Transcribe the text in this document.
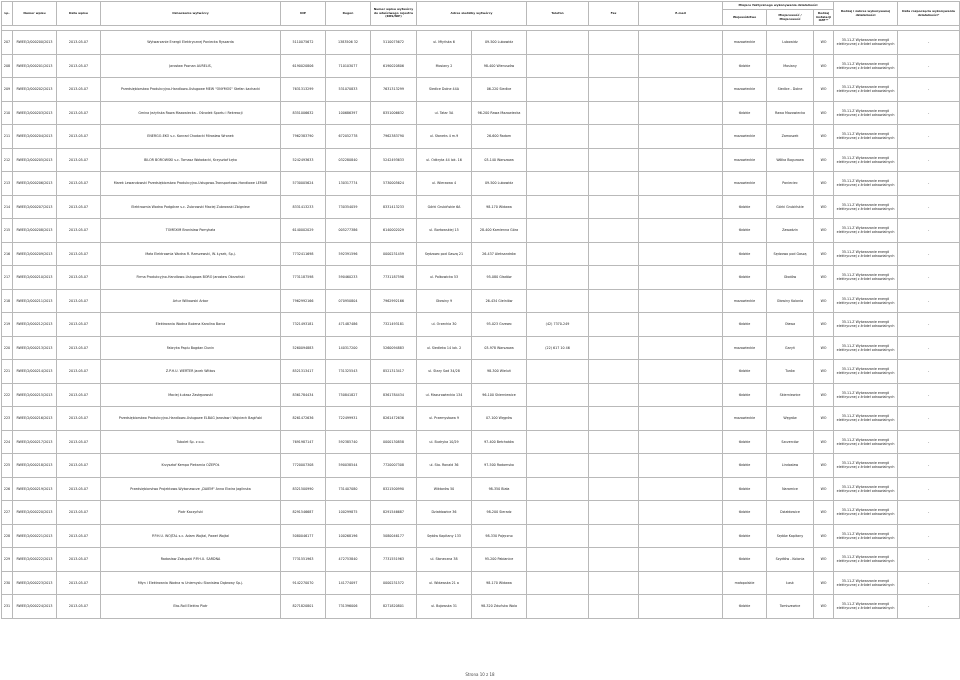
Lp.	Numer wpisu	Data wpisu	Oznaczenie wytwórcy	NIP	Regon	Numer wpisu wytwórcy do właściwego rejestru (KRS/NIP)	Adres siedziby wytwórcy		Telefon	Fax	E-mail	Miejsce faktycznego wykonywania działalności			Rodzaj i zakres wykonywanej działalności	Data rozpoczęcia wykonywania działalności*
												Województwo	Miejscowość / Miejscowość	Rodzaj instalacji OZE**		

207	RWEE/2/000200/2013	2013-05-07	Wytwarzanie Energii Elektrycznej Poniecka Ryszarda	5110075672	1383506 32	5110075672	ul. Młyńska 6	09-500 Lubowidz				mazowieckie	Lubowidz	WO	35.11.Z Wytwarzanie energii elektrycznej z źródeł odnawialnych	-
208	RWEE/2/000201/2013	2013-05-07	Jarosław Poznan AURELIS,	6190020806	710103077	6190020806	Mosiany 2	98-400 Wieruszów				łódzkie	Mosiany	WO	35.11.Z Wytwarzanie energii elektrycznej z źródeł odnawialnych	-
209	RWEE/2/000202/2013	2013-05-07	Przedsiębiorstwo Produkcyjno-Handlowo-Usługowe MEW "ONYMOS" Stefan Łachacki	7631313299	531070833	7631313299	Siedlce Dolne 44A	06-220 Siedlce				mazowieckie	Siedlce - Dolne	WO	35.11.Z Wytwarzanie energii elektrycznej z źródeł odnawialnych	-
210	RWEE/2/000203/2013	2013-05-07	Gmina Jeżyńska Rawa Mazowiecka - Ośrodek Sportu i Rekreacji	8351006632	100686397	8351006632	ul. Tatar 5A	96-200 Rawa Mazowiecka				łódzkie	Rawa Mazowiecka	WO	35.11.Z Wytwarzanie energii elektrycznej z źródeł odnawialnych	-
211	RWEE/2/000204/2013	2013-05-07	ENERGO-EKO s.c. Konrad Chodacki Mirosław Wronek	7962383790	672052778	7962383790	ul. Słoneks 4 m.9	26-600 Radom				mazowieckie	Zamoszek	WO	35.11.Z Wytwarzanie energii elektrycznej z źródeł odnawialnych	-
212	RWEE/2/000205/2013	2013-05-07	BILOR BOROWSKI s.c. Tomasz Wołodacki, Krzysztof Łęko	5242493633	032280840	5242493633	ul. Odkryta 44 lok. 16	03-140 Warszawa				mazowieckie	Wólka Bogurowa	WO	35.11.Z Wytwarzanie energii elektrycznej z źródeł odnawialnych	-
213	RWEE/2/000206/2013	2013-05-07	Marek Lewandowski Przedsiębiorstwo Produkcyjno-Usługowo-Transportowo-Handlowe LEMAR	5730005624	130317774	5730005624	ul. Wierzowa 4	09-500 Lubowidz				mazowieckie	Ponieciec	WO	35.11.Z Wytwarzanie energii elektrycznej z źródeł odnawialnych	-
214	RWEE/2/000207/2013	2013-05-07	Elektrownia Wodna Podgórze s.c. Zubrowski Maciej Zubrowski Zbigniew	8331413233	730354059	8331413233	Górki Grubińskie 6A	98-170 Widawa				łódzkie	Górki Grubińskie	WO	35.11.Z Wytwarzanie energii elektrycznej z źródeł odnawialnych	-
215	RWEE/2/000208/2013	2013-05-07	TOMEXIM Bronisław Pomykała	6140002029	005277386	6140002029	ul. Bortowskiej 15	28-400 Kamienna Góra				łódzkie	Zawadzin	WO	35.11.Z Wytwarzanie energii elektrycznej z źródeł odnawialnych	-
216	RWEE/2/000209/2013	2013-05-07	Mała Elektrownia Wodna R. Rzeszewski, W. Łysek, Sp.j.	7732411698	592391596	0000231459	Sędzowo pod Gaszą 21	26-437 Aleksandrów				łódzkie	Sędzowo pod Gaszą	WO	35.11.Z Wytwarzanie energii elektrycznej z źródeł odnawialnych	-
217	RWEE/2/000210/2013	2013-05-07	Firma Produkcyjno-Handlowo-Usługowa BORO Jarosław Obrzański	7731187598	590460233	7731187598	ul. Polkowicka 53	95-080 Gładów				łódzkie	Głodów	WO	35.11.Z Wytwarzanie energii elektrycznej z źródeł odnawialnych	-
218	RWEE/2/000211/2013	2013-05-07	Artur Wilkowski Arbor	7962992166	070950804	7962992166	Głowiny 9	26-434 Gielniów				mazowieckie	Głowiny Kolonia	WO	35.11.Z Wytwarzanie energii elektrycznej z źródeł odnawialnych	-
219	RWEE/2/000212/2013	2013-05-07	Elektrownia Wodna Bożena Karolina Barca	7321493181	471487486	7321493181	ul. Orzechia 30	93-023 Grzewo	(42) 7370-249			łódzkie	Oława	WO	35.11.Z Wytwarzanie energii elektrycznej z źródeł odnawialnych	-
220	RWEE/2/000213/2013	2013-05-07	Fabryka Papiu Bogdan Dunin	5260094883	140317200	5260094883	ul. Siedleka 14 lok. 2	03-978 Warszawa	(22) 617 10 46			mazowieckie	Garyń	WO	35.11.Z Wytwarzanie energii elektrycznej z źródeł odnawialnych	-
221	RWEE/2/000214/2013	2013-05-07	Z.P.H.U. WERTER Jacek Witkos	8521313417	731325543	8521313417	ul. Stary Sad 34/28	98-300 Wieluń				łódzkie	Turów	WO	35.11.Z Wytwarzanie energii elektrycznej z źródeł odnawialnych	-
222	RWEE/2/000215/2013	2013-05-07	Maciej Łukasz Zastępowski	8361784434	750841827	8361784434	ul. Mazurowieckia 134	96-100 Skierniewice				łódzkie	Skierniewice	WO	35.11.Z Wytwarzanie energii elektrycznej z źródeł odnawialnych	-
223	RWEE/2/000216/2013	2013-05-07	Przedsiębiorstwo Produkcyjno-Handlowo-Usługowe ELBAG Jarosław i Wojciech Bagiński	8261472636	722499931	8261472636	ul. Przemysłowa 9	07-100 Węgrów				mazowieckie	Węgrów	WO	35.11.Z Wytwarzanie energii elektrycznej z źródeł odnawialnych	-
224	RWEE/2/000217/2013	2013-05-07	Tubolet Sp. z o.o.	7691987147	592385740	0000130858	ul. Budryka 10/29	97-400 Bełchatów				łódzkie	Szczerców	WO	35.11.Z Wytwarzanie energii elektrycznej z źródeł odnawialnych	-
225	RWEE/2/000218/2013	2013-05-07	Krzysztof Kempa Piekarnia OŻEPOŁ	7720007308	590038544	7720007308	ul. Sto. Ronald 36	97-500 Radomsko				łódzkie	Lindosław	WO	35.11.Z Wytwarzanie energii elektrycznej z źródeł odnawialnych	-
226	RWEE/2/000219/2013	2013-05-07	Przedsiębiorstwo Projektowo-Wykonawcze „DAIEM" Anna Elwira Jagilnska	8321500990	731407080	8321500990	Wiktorów 50	98-350 Biała				łódzkie	Naramice	WO	35.11.Z Wytwarzanie energii elektrycznej z źródeł odnawialnych	-
227	RWEE/2/000220/2013	2013-05-07	Piotr Kaczyński	8291546687	100299875	8291546687	Działdowice 36	98-200 Sieradz				łódzkie	Działdowice	WO	35.11.Z Wytwarzanie energii elektrycznej z źródeł odnawialnych	-
228	RWEE/2/000221/2013	2013-05-07	P.P.H.U. WOJTAL s.c. Adam Wojtal, Paweł Wojtal	5080046177	100268196	5080046177	Sędów Kapitany 133	98-330 Pajęczno				łódzkie	Sędów Kapitany	WO	35.11.Z Wytwarzanie energii elektrycznej z źródeł odnawialnych	-
229	RWEE/2/000222/2013	2013-05-07	Radosław Zakupski P.P.H.U. SARDNA	7731551963	472753840	7731551963	ul. Słoneczna 38	95-200 Pabianice				łódzkie	Szydłów - Kolonia	WO	35.11.Z Wytwarzanie energii elektrycznej z źródeł odnawialnych	-
230	RWEE/2/000223/2013	2013-05-07	Młyn i Elektrownia Wodna w Uniemyslu Stanisław Dąbrowy Sp.j.	9142270070	141774097	0000231572	ul. Widawska 21 a	98-170 Widawa				małopolskie	Łask	WO	35.11.Z Wytwarzanie energii elektrycznej z źródeł odnawialnych	-
231	RWEE/2/000224/2013	2013-05-07	Eko-Roll Elektro Piotr	8271820801	731396006	8271820801	ul. Bojowska 31	98-320 Zduńska Wola				łódzkie	Tomiszewice	WO	35.11.Z Wytwarzanie energii elektrycznej z źródeł odnawialnych	-
Strona 10 z 18
